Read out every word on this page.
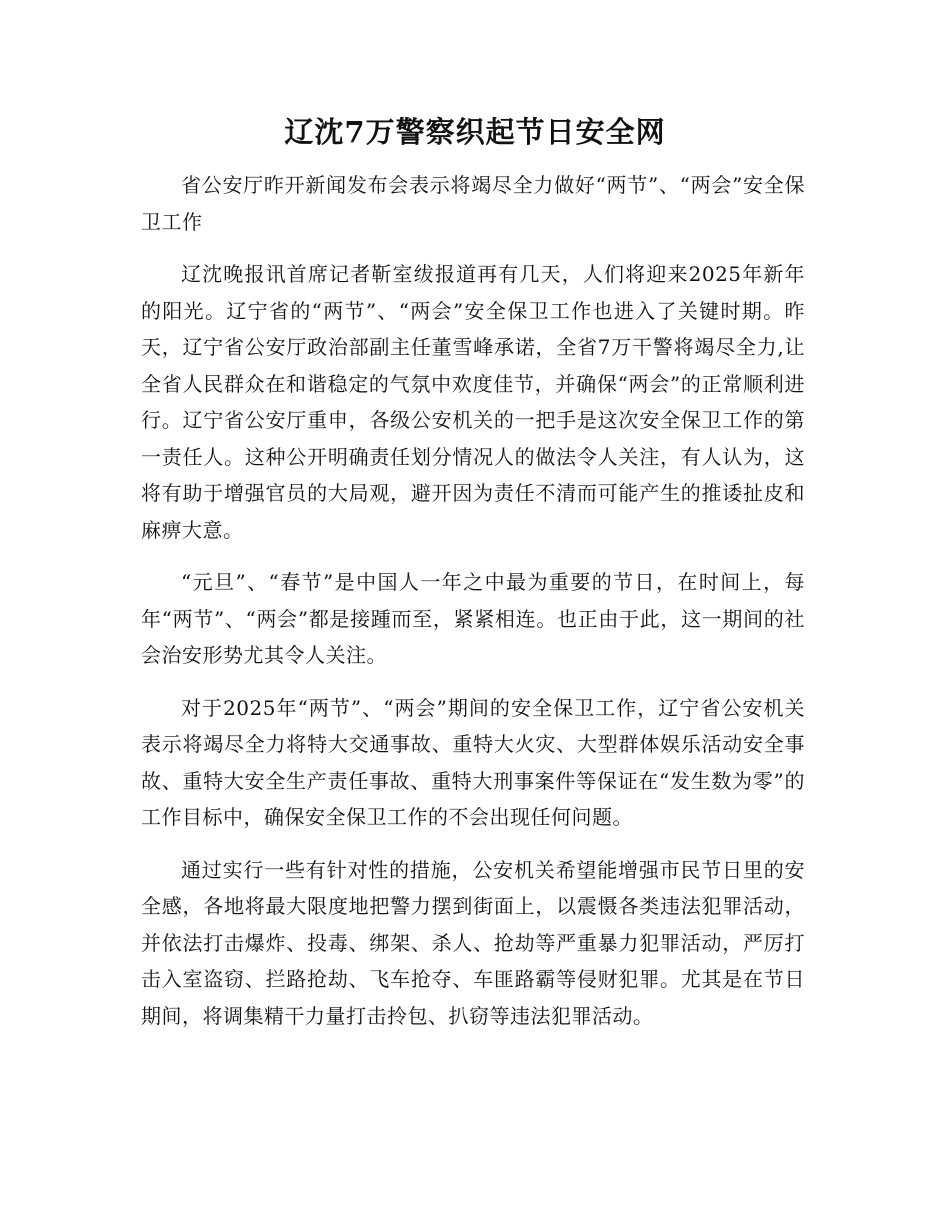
辽沈7万警察织起节日安全网

省公安厅昨开新闻发布会表示将竭尽全力做好“两节”、“两会”安全保卫工作

辽沈晚报讯首席记者靳室绂报道再有几天，人们将迎来2025年新年的阳光。辽宁省的“两节”、“两会”安全保卫工作也进入了关键时期。昨天，辽宁省公安厅政治部副主任董雪峰承诺，全省7万干警将竭尽全力,让全省人民群众在和谐稳定的气氛中欢度佳节，并确保“两会”的正常顺利进行。辽宁省公安厅重申，各级公安机关的一把手是这次安全保卫工作的第一责任人。这种公开明确责任划分情况人的做法令人关注，有人认为，这将有助于增强官员的大局观，避开因为责任不清而可能产生的推诿扯皮和麻痹大意。

“元旦”、“春节”是中国人一年之中最为重要的节日，在时间上，每年“两节”、“两会”都是接踵而至，紧紧相连。也正由于此，这一期间的社会治安形势尤其令人关注。

对于2025年“两节”、“两会”期间的安全保卫工作，辽宁省公安机关表示将竭尽全力将特大交通事故、重特大火灾、大型群体娱乐活动安全事故、重特大安全生产责任事故、重特大刑事案件等保证在“发生数为零”的工作目标中，确保安全保卫工作的不会出现任何问题。

通过实行一些有针对性的措施，公安机关希望能增强市民节日里的安全感，各地将最大限度地把警力摆到街面上，以震慑各类违法犯罪活动，并依法打击爆炸、投毒、绑架、杀人、抢劫等严重暴力犯罪活动，严厉打击入室盗窃、拦路抢劫、飞车抢夺、车匪路霸等侵财犯罪。尤其是在节日期间，将调集精干力量打击拎包、扒窃等违法犯罪活动。
